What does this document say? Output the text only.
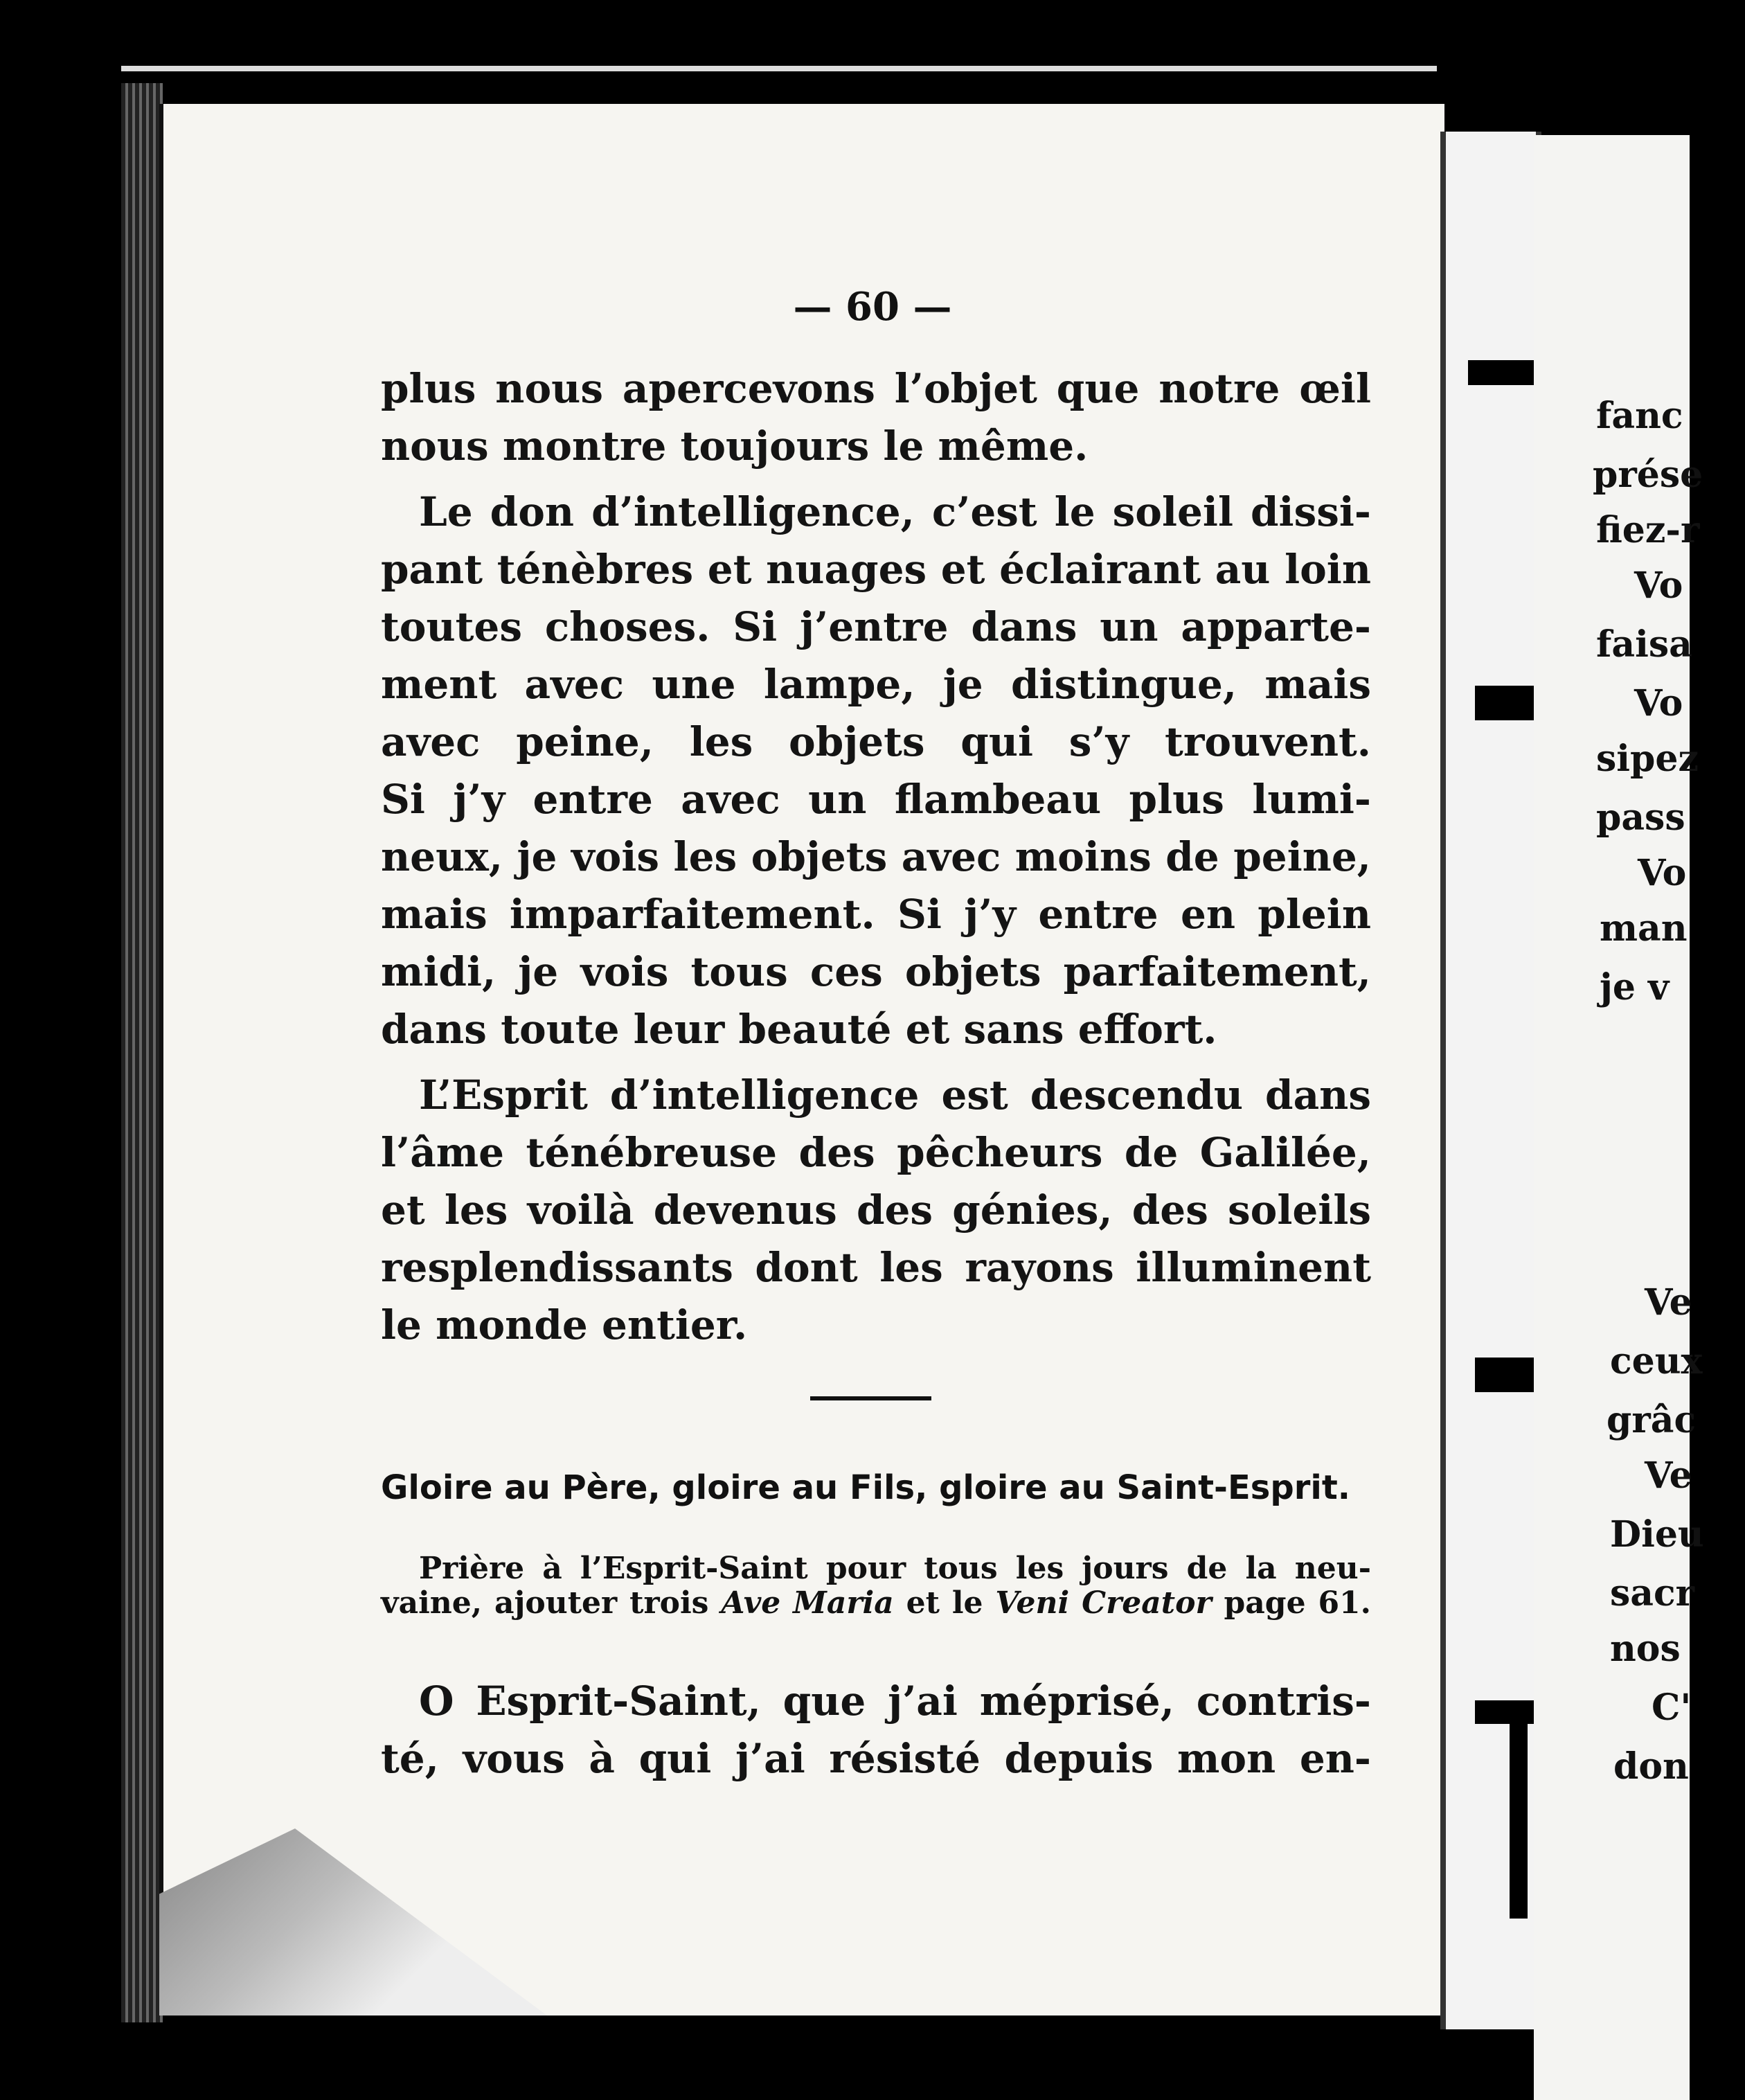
— 60 —
plus nous apercevons l’objet que notre œil
nous montre toujours le même.
Le don d’intelligence, c’est le soleil dissi-
pant ténèbres et nuages et éclairant au loin
toutes choses. Si j’entre dans un apparte-
ment avec une lampe, je distingue, mais
avec peine, les objets qui s’y trouvent.
Si j’y entre avec un flambeau plus lumi-
neux, je vois les objets avec moins de peine,
mais imparfaitement. Si j’y entre en plein
midi, je vois tous ces objets parfaitement,
dans toute leur beauté et sans effort.
L’Esprit d’intelligence est descendu dans
l’âme ténébreuse des pêcheurs de Galilée,
et les voilà devenus des génies, des soleils
resplendissants dont les rayons illuminent
le monde entier.
Gloire au Père, gloire au Fils, gloire au Saint-Esprit.
Prière à l’Esprit-Saint pour tous les jours de la neu-
vaine, ajouter trois Ave Maria et le Veni Creator page 61.
O Esprit-Saint, que j’ai méprisé, contris-
té, vous à qui j’ai résisté depuis mon en-
fanc
prése
fiez-r
Vo
faisa
Vo
sipez
pass
Vo
man
je v
Ve
ceux
grâc
Ve
Dieu
sacr
nos
C'
don
